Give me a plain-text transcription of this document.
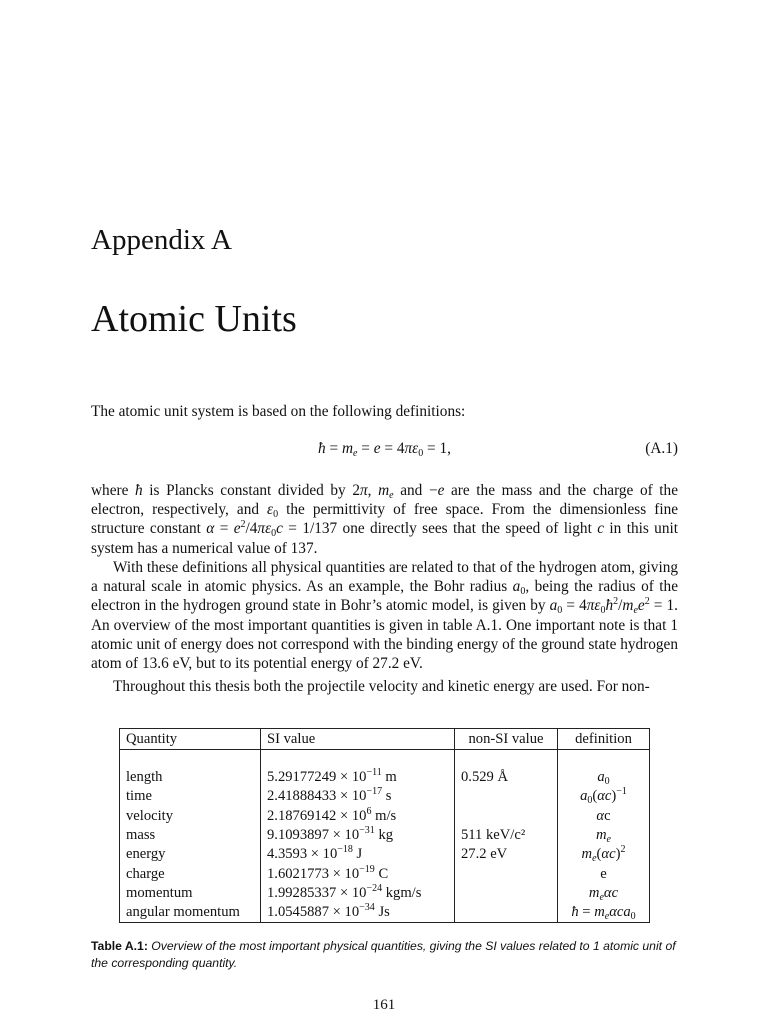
Appendix A
Atomic Units
The atomic unit system is based on the following definitions:
ħ = $m_e = e = 4\pi\varepsilon_0 = 1$,	(A.1)
where ħ is Plancks constant divided by 2π, $m_e$ and −e are the mass and the charge of the electron, respectively, and $\varepsilon_0$ the permittivity of free space. From the dimensionless fine structure constant $\alpha = e^2/4\pi\varepsilon_0c = 1/137$ one directly sees that the speed of light c in this unit system has a numerical value of 137.
With these definitions all physical quantities are related to that of the hydrogen atom, giving a natural scale in atomic physics. As an example, the Bohr radius $a_0$, being the radius of the electron in the hydrogen ground state in Bohr’s atomic model, is given by $a_0$ = $4\pi\varepsilon_0ħ^2/m_ee^2 = 1$. An overview of the most important quantities is given in table A.1. One important note is that 1 atomic unit of energy does not correspond with the binding energy of the ground state hydrogen atom of 13.6 eV, but to its potential energy of 27.2 eV.
Throughout this thesis both the projectile velocity and kinetic energy are used. For non-
Quantity	SI value	non-SI value	definition

length	$5.29177249 \times 10^{-11}$ m	0.529 Å	$a_0$
time	$2.41888433 \times 10^{-17}$ s		$a_0(\alpha c)^{-1}$
velocity	$2.18769142 \times 10^6$ m/s		αc
mass	$9.1093897 \times 10^{-31}$ kg	511 keV/c²	$m_e$
energy	$4.3593 \times 10^{-18}$ J	27.2 eV	$m_e(\alpha c)^2$
charge	$1.6021773 \times 10^{-19}$ C		e
momentum	$1.99285337 \times 10^{-24}$ kgm/s		$m_e\alpha c$
angular momentum	$1.0545887 \times 10^{-34}$ Js		ħ = $m_e\alpha ca_0$
Table A.1: Overview of the most important physical quantities, giving the SI values related to 1 atomic unit of the corresponding quantity.
161
